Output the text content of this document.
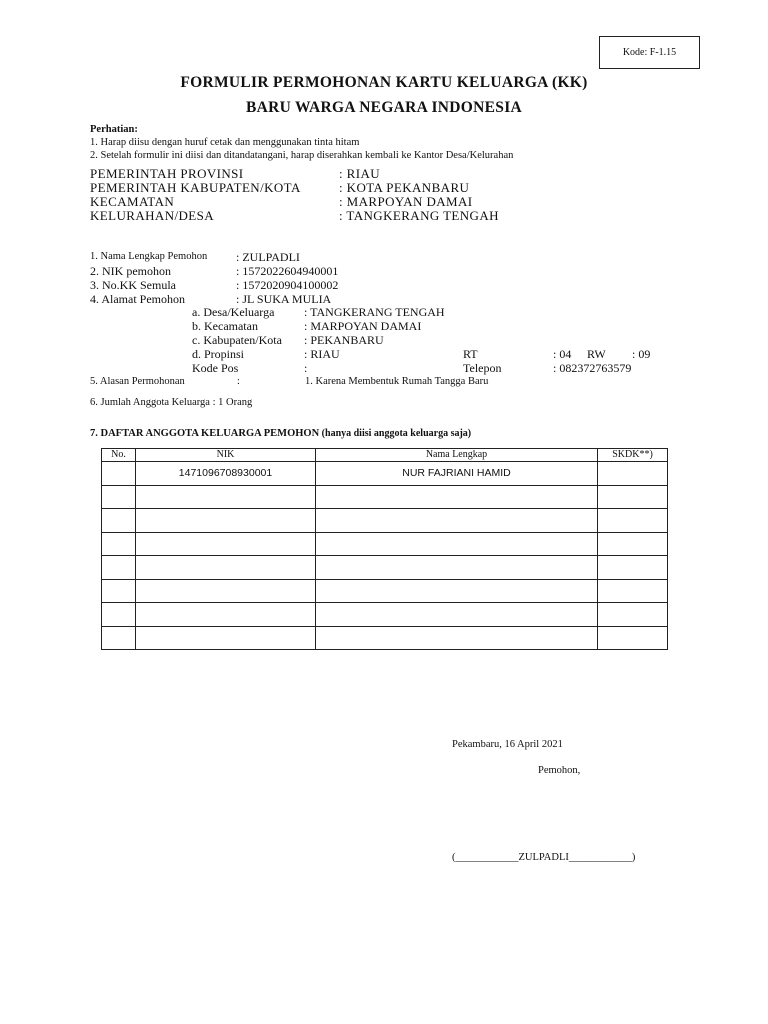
Kode: F-1.15
FORMULIR PERMOHONAN KARTU KELUARGA (KK)
BARU WARGA NEGARA INDONESIA
Perhatian:
1. Harap diisu dengan huruf cetak dan menggunakan tinta hitam
2. Setelah formulir ini diisi dan ditandatangani, harap diserahkan kembali ke Kantor Desa/Kelurahan
PEMERINTAH PROVINSI	: RIAU
PEMERINTAH KABUPATEN/KOTA	: KOTA PEKANBARU
KECAMATAN	: MARPOYAN DAMAI
KELURAHAN/DESA	: TANGKERANG TENGAH
1. Nama Lengkap Pemohon : ZULPADLI
2. NIK pemohon	: 1572022604940001
3. No.KK Semula	: 1572020904100002
4. Alamat Pemohon	: JL SUKA MULIA
a. Desa/Keluarga : TANGKERANG TENGAH
b. Kecamatan	: MARPOYAN DAMAI
c. Kabupaten/Kota : PEKANBARU
d. Propinsi	: RIAU	RT	: 04 RW : 09
Kode Pos	:	Telepon	: 082372763579
5. Alasan Permohonan	:	1. Karena Membentuk Rumah Tangga Baru
6. Jumlah Anggota Keluarga : 1 Orang
7. DAFTAR ANGGOTA KELUARGA PEMOHON (hanya diisi anggota keluarga saja)
No.	NIK	Nama Lengkap	SKDK**)
	1471096708930001	NUR FAJRIANI HAMID	

Pekambaru, 16 April 2021
Pemohon,
(____________ZULPADLI____________)
